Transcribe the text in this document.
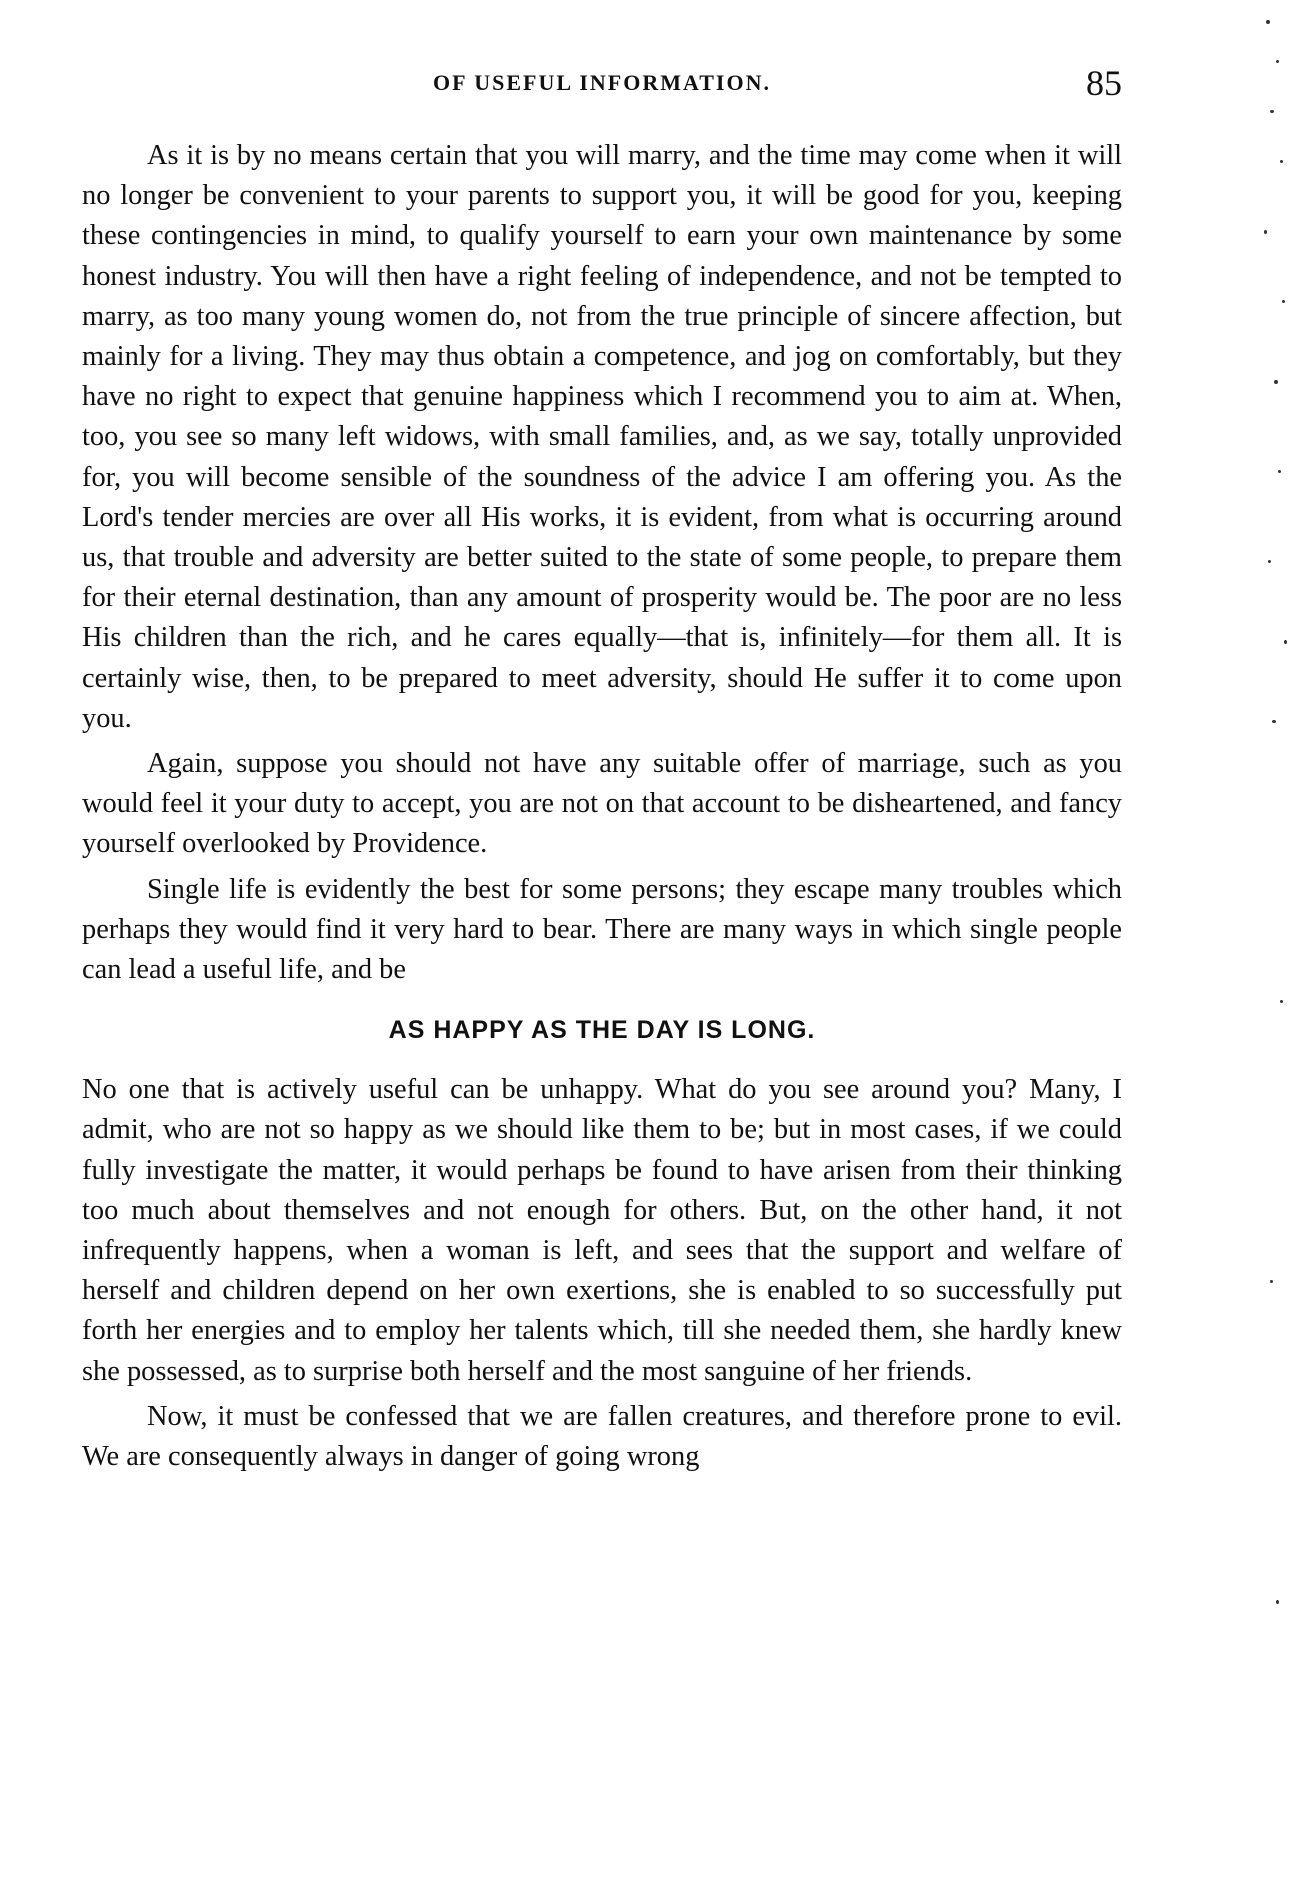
OF USEFUL INFORMATION.	85

As it is by no means certain that you will marry, and the time may come when it will no longer be convenient to your parents to support you, it will be good for you, keeping these contingencies in mind, to qualify yourself to earn your own maintenance by some honest industry. You will then have a right feeling of independence, and not be tempted to marry, as too many young women do, not from the true principle of sincere affection, but mainly for a living. They may thus obtain a competence, and jog on comfortably, but they have no right to expect that genuine happiness which I recommend you to aim at. When, too, you see so many left widows, with small families, and, as we say, totally unprovided for, you will become sensible of the soundness of the advice I am offering you. As the Lord's tender mercies are over all His works, it is evident, from what is occurring around us, that trouble and adversity are better suited to the state of some people, to prepare them for their eternal destination, than any amount of prosperity would be. The poor are no less His children than the rich, and he cares equally—that is, infinitely—for them all. It is certainly wise, then, to be prepared to meet adversity, should He suffer it to come upon you.

Again, suppose you should not have any suitable offer of marriage, such as you would feel it your duty to accept, you are not on that account to be disheartened, and fancy yourself overlooked by Providence.

Single life is evidently the best for some persons; they escape many troubles which perhaps they would find it very hard to bear. There are many ways in which single people can lead a useful life, and be

AS HAPPY AS THE DAY IS LONG.

No one that is actively useful can be unhappy. What do you see around you? Many, I admit, who are not so happy as we should like them to be; but in most cases, if we could fully investigate the matter, it would perhaps be found to have arisen from their thinking too much about themselves and not enough for others. But, on the other hand, it not infrequently happens, when a woman is left, and sees that the support and welfare of herself and children depend on her own exertions, she is enabled to so successfully put forth her energies and to employ her talents which, till she needed them, she hardly knew she possessed, as to surprise both herself and the most sanguine of her friends.

Now, it must be confessed that we are fallen creatures, and therefore prone to evil. We are consequently always in danger of going wrong
